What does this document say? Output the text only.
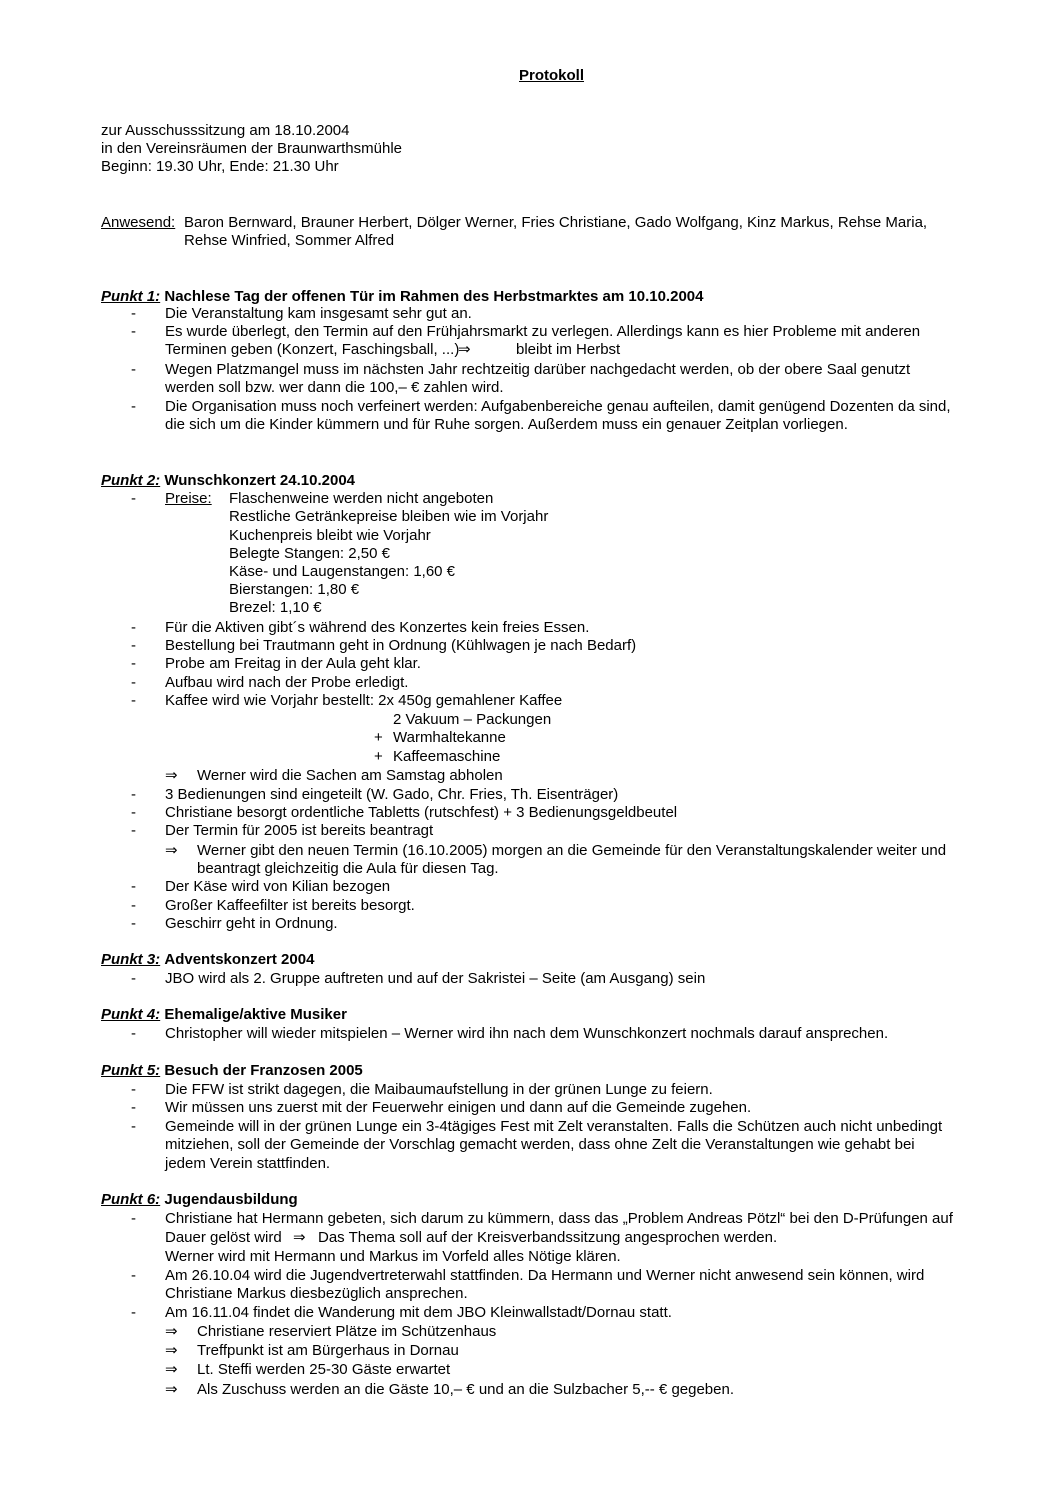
Protokoll
zur Ausschusssitzung am 18.10.2004
in den Vereinsräumen der Braunwarthsmühle
Beginn: 19.30 Uhr, Ende: 21.30 Uhr
Anwesend: Baron Bernward, Brauner Herbert, Dölger Werner, Fries Christiane, Gado Wolfgang, Kinz Markus, Rehse Maria,
Rehse Winfried, Sommer Alfred
Punkt 1: Nachlese Tag der offenen Tür im Rahmen des Herbstmarktes am 10.10.2004
- Die Veranstaltung kam insgesamt sehr gut an.
- Es wurde überlegt, den Termin auf den Frühjahrsmarkt zu verlegen. Allerdings kann es hier Probleme mit anderen
Terminen geben (Konzert, Faschingsball, ...)
⇒	bleibt im Herbst
- Wegen Platzmangel muss im nächsten Jahr rechtzeitig darüber nachgedacht werden, ob der obere Saal genutzt
werden soll bzw. wer dann die 100,– € zahlen wird.
- Die Organisation muss noch verfeinert werden: Aufgabenbereiche genau aufteilen, damit genügend Dozenten da sind,
die sich um die Kinder kümmern und für Ruhe sorgen. Außerdem muss ein genauer Zeitplan vorliegen.
Punkt 2: Wunschkonzert 24.10.2004
- Preise: Flaschenweine werden nicht angeboten
Restliche Getränkepreise bleiben wie im Vorjahr
Kuchenpreis bleibt wie Vorjahr
Belegte Stangen: 2,50 €
Käse- und Laugenstangen: 1,60 €
Bierstangen: 1,80 €
Brezel: 1,10 €
- Für die Aktiven gibt´s während des Konzertes kein freies Essen.
- Bestellung bei Trautmann geht in Ordnung (Kühlwagen je nach Bedarf)
- Probe am Freitag in der Aula geht klar.
- Aufbau wird nach der Probe erledigt.
- Kaffee wird wie Vorjahr bestellt: 2x 450g gemahlener Kaffee
2 Vakuum – Packungen
+ Warmhaltekanne
+ Kaffeemaschine
⇒ Werner wird die Sachen am Samstag abholen
- 3 Bedienungen sind eingeteilt (W. Gado, Chr. Fries, Th. Eisenträger)
- Christiane besorgt ordentliche Tabletts (rutschfest) + 3 Bedienungsgeldbeutel
- Der Termin für 2005 ist bereits beantragt
⇒ Werner gibt den neuen Termin (16.10.2005) morgen an die Gemeinde für den Veranstaltungskalender weiter und
beantragt gleichzeitig die Aula für diesen Tag.
- Der Käse wird von Kilian bezogen
- Großer Kaffeefilter ist bereits besorgt.
- Geschirr geht in Ordnung.
Punkt 3: Adventskonzert 2004
- JBO wird als 2. Gruppe auftreten und auf der Sakristei – Seite (am Ausgang) sein
Punkt 4: Ehemalige/aktive Musiker
- Christopher will wieder mitspielen – Werner wird ihn nach dem Wunschkonzert nochmals darauf ansprechen.
Punkt 5: Besuch der Franzosen 2005
- Die FFW ist strikt dagegen, die Maibaumaufstellung in der grünen Lunge zu feiern.
- Wir müssen uns zuerst mit der Feuerwehr einigen und dann auf die Gemeinde zugehen.
- Gemeinde will in der grünen Lunge ein 3-4tägiges Fest mit Zelt veranstalten. Falls die Schützen auch nicht unbedingt
mitziehen, soll der Gemeinde der Vorschlag gemacht werden, dass ohne Zelt die Veranstaltungen wie gehabt bei
jedem Verein stattfinden.
Punkt 6: Jugendausbildung
- Christiane hat Hermann gebeten, sich darum zu kümmern, dass das „Problem Andreas Pötzl“ bei den D-Prüfungen auf
Dauer gelöst wird ⇒ Das Thema soll auf der Kreisverbandssitzung angesprochen werden.
Werner wird mit Hermann und Markus im Vorfeld alles Nötige klären.
- Am 26.10.04 wird die Jugendvertreterwahl stattfinden. Da Hermann und Werner nicht anwesend sein können, wird
Christiane Markus diesbezüglich ansprechen.
- Am 16.11.04 findet die Wanderung mit dem JBO Kleinwallstadt/Dornau statt.
⇒ Christiane reserviert Plätze im Schützenhaus
⇒ Treffpunkt ist am Bürgerhaus in Dornau
⇒ Lt. Steffi werden 25-30 Gäste erwartet
⇒ Als Zuschuss werden an die Gäste 10,– € und an die Sulzbacher 5,-- € gegeben.
